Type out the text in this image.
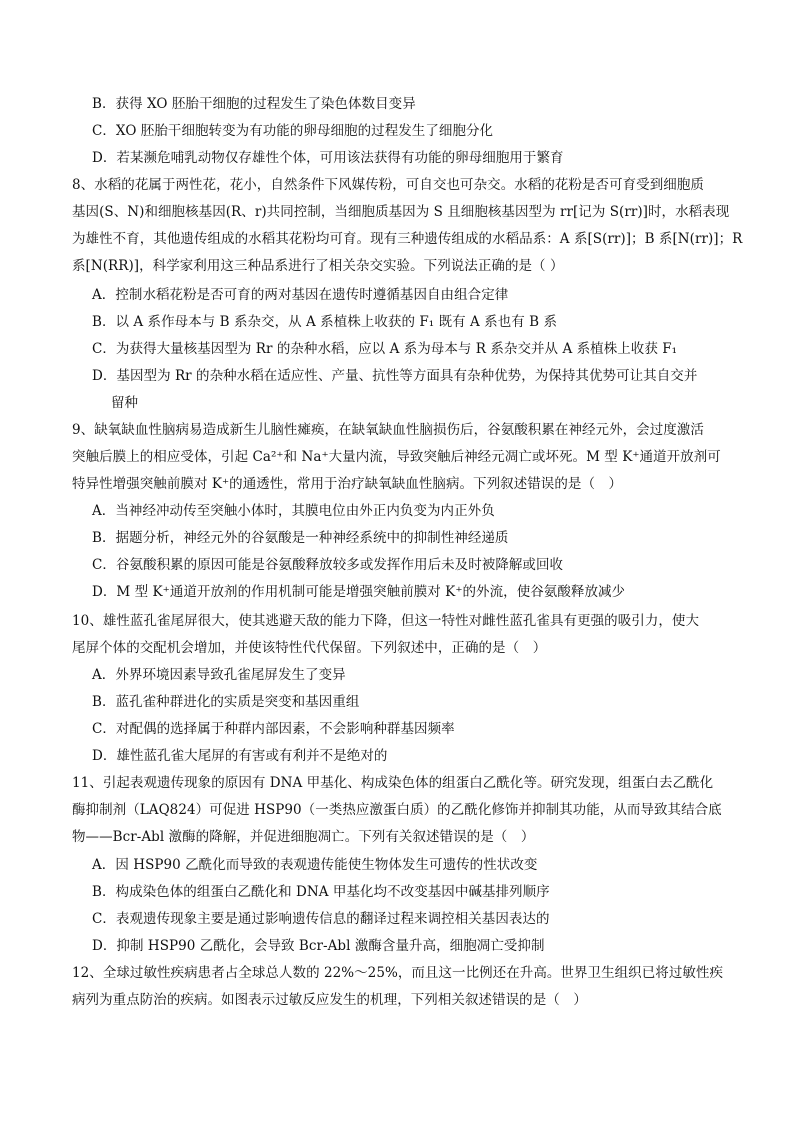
B．获得 XO 胚胎干细胞的过程发生了染色体数目变异
C．XO 胚胎干细胞转变为有功能的卵母细胞的过程发生了细胞分化
D．若某濒危哺乳动物仅存雄性个体，可用该法获得有功能的卵母细胞用于繁育
8、水稻的花属于两性花，花小，自然条件下风媒传粉，可自交也可杂交。水稻的花粉是否可育受到细胞质
基因(S、N)和细胞核基因(R、r)共同控制，当细胞质基因为 S 且细胞核基因型为 rr[记为 S(rr)]时，水稻表现
为雄性不育，其他遗传组成的水稻其花粉均可育。现有三种遗传组成的水稻品系：A 系[S(rr)]；B 系[N(rr)]；R
系[N(RR)]，科学家利用这三种品系进行了相关杂交实验。下列说法正确的是（ ）
A．控制水稻花粉是否可育的两对基因在遗传时遵循基因自由组合定律
B．以 A 系作母本与 B 系杂交，从 A 系植株上收获的 F₁ 既有 A 系也有 B 系
C．为获得大量核基因型为 Rr 的杂种水稻，应以 A 系为母本与 R 系杂交并从 A 系植株上收获 F₁
D．基因型为 Rr 的杂种水稻在适应性、产量、抗性等方面具有杂种优势，为保持其优势可让其自交并
留种
9、缺氧缺血性脑病易造成新生儿脑性瘫痪，在缺氧缺血性脑损伤后，谷氨酸积累在神经元外，会过度激活
突触后膜上的相应受体，引起 Ca²⁺和 Na⁺大量内流，导致突触后神经元凋亡或坏死。M 型 K⁺通道开放剂可
特异性增强突触前膜对 K⁺的通透性，常用于治疗缺氧缺血性脑病。下列叙述错误的是（　）
A．当神经冲动传至突触小体时，其膜电位由外正内负变为内正外负
B．据题分析，神经元外的谷氨酸是一种神经系统中的抑制性神经递质
C．谷氨酸积累的原因可能是谷氨酸释放较多或发挥作用后未及时被降解或回收
D．M 型 K⁺通道开放剂的作用机制可能是增强突触前膜对 K⁺的外流，使谷氨酸释放减少
10、雄性蓝孔雀尾屏很大，使其逃避天敌的能力下降，但这一特性对雌性蓝孔雀具有更强的吸引力，使大
尾屏个体的交配机会增加，并使该特性代代保留。下列叙述中，正确的是（　）
A．外界环境因素导致孔雀尾屏发生了变异
B．蓝孔雀种群进化的实质是突变和基因重组
C．对配偶的选择属于种群内部因素，不会影响种群基因频率
D．雄性蓝孔雀大尾屏的有害或有利并不是绝对的
11、引起表观遗传现象的原因有 DNA 甲基化、构成染色体的组蛋白乙酰化等。研究发现，组蛋白去乙酰化
酶抑制剂（LAQ824）可促进 HSP90（一类热应激蛋白质）的乙酰化修饰并抑制其功能，从而导致其结合底
物——Bcr-Abl 激酶的降解，并促进细胞凋亡。下列有关叙述错误的是（　）
A．因 HSP90 乙酰化而导致的表观遗传能使生物体发生可遗传的性状改变
B．构成染色体的组蛋白乙酰化和 DNA 甲基化均不改变基因中碱基排列顺序
C．表观遗传现象主要是通过影响遗传信息的翻译过程来调控相关基因表达的
D．抑制 HSP90 乙酰化，会导致 Bcr-Abl 激酶含量升高，细胞凋亡受抑制
12、全球过敏性疾病患者占全球总人数的 22%～25%，而且这一比例还在升高。世界卫生组织已将过敏性疾
病列为重点防治的疾病。如图表示过敏反应发生的机理，下列相关叙述错误的是（　）
